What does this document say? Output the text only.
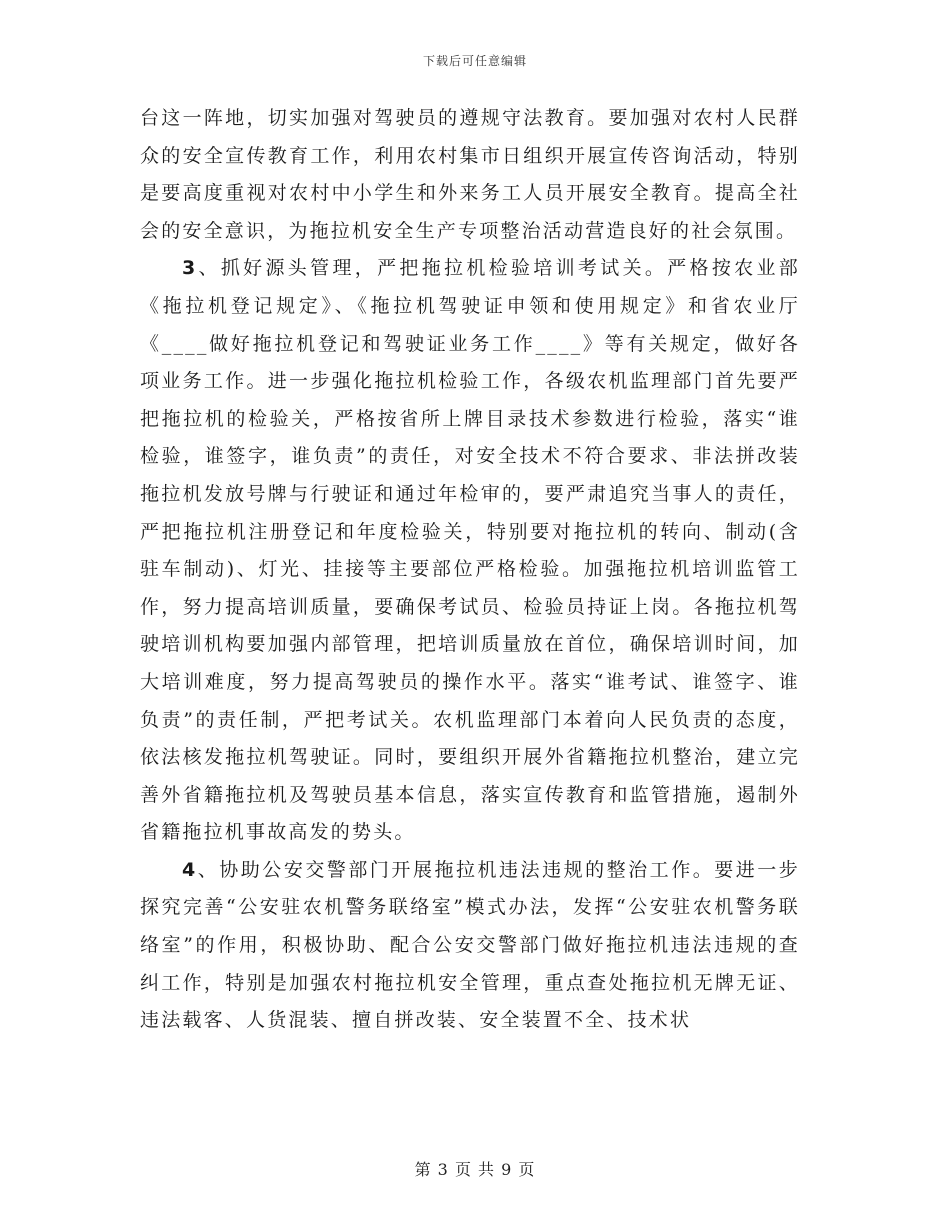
下载后可任意编辑

台这一阵地，切实加强对驾驶员的遵规守法教育。要加强对农村人民群众的安全宣传教育工作，利用农村集市日组织开展宣传咨询活动，特别是要高度重视对农村中小学生和外来务工人员开展安全教育。提高全社会的安全意识，为拖拉机安全生产专项整治活动营造良好的社会氛围。

3、抓好源头管理，严把拖拉机检验培训考试关。严格按农业部《拖拉机登记规定》、《拖拉机驾驶证申领和使用规定》和省农业厅《____做好拖拉机登记和驾驶证业务工作____》等有关规定，做好各项业务工作。进一步强化拖拉机检验工作，各级农机监理部门首先要严把拖拉机的检验关，严格按省所上牌目录技术参数进行检验，落实“谁检验，谁签字，谁负责”的责任，对安全技术不符合要求、非法拼改装拖拉机发放号牌与行驶证和通过年检审的，要严肃追究当事人的责任，严把拖拉机注册登记和年度检验关，特别要对拖拉机的转向、制动(含驻车制动)、灯光、挂接等主要部位严格检验。加强拖拉机培训监管工作，努力提高培训质量，要确保考试员、检验员持证上岗。各拖拉机驾驶培训机构要加强内部管理，把培训质量放在首位，确保培训时间，加大培训难度，努力提高驾驶员的操作水平。落实“谁考试、谁签字、谁负责”的责任制，严把考试关。农机监理部门本着向人民负责的态度，依法核发拖拉机驾驶证。同时，要组织开展外省籍拖拉机整治，建立完善外省籍拖拉机及驾驶员基本信息，落实宣传教育和监管措施，遏制外省籍拖拉机事故高发的势头。

4、协助公安交警部门开展拖拉机违法违规的整治工作。要进一步探究完善“公安驻农机警务联络室”模式办法，发挥“公安驻农机警务联络室”的作用，积极协助、配合公安交警部门做好拖拉机违法违规的查纠工作，特别是加强农村拖拉机安全管理，重点查处拖拉机无牌无证、违法载客、人货混装、擅自拼改装、安全装置不全、技术状

第 3 页 共 9 页
